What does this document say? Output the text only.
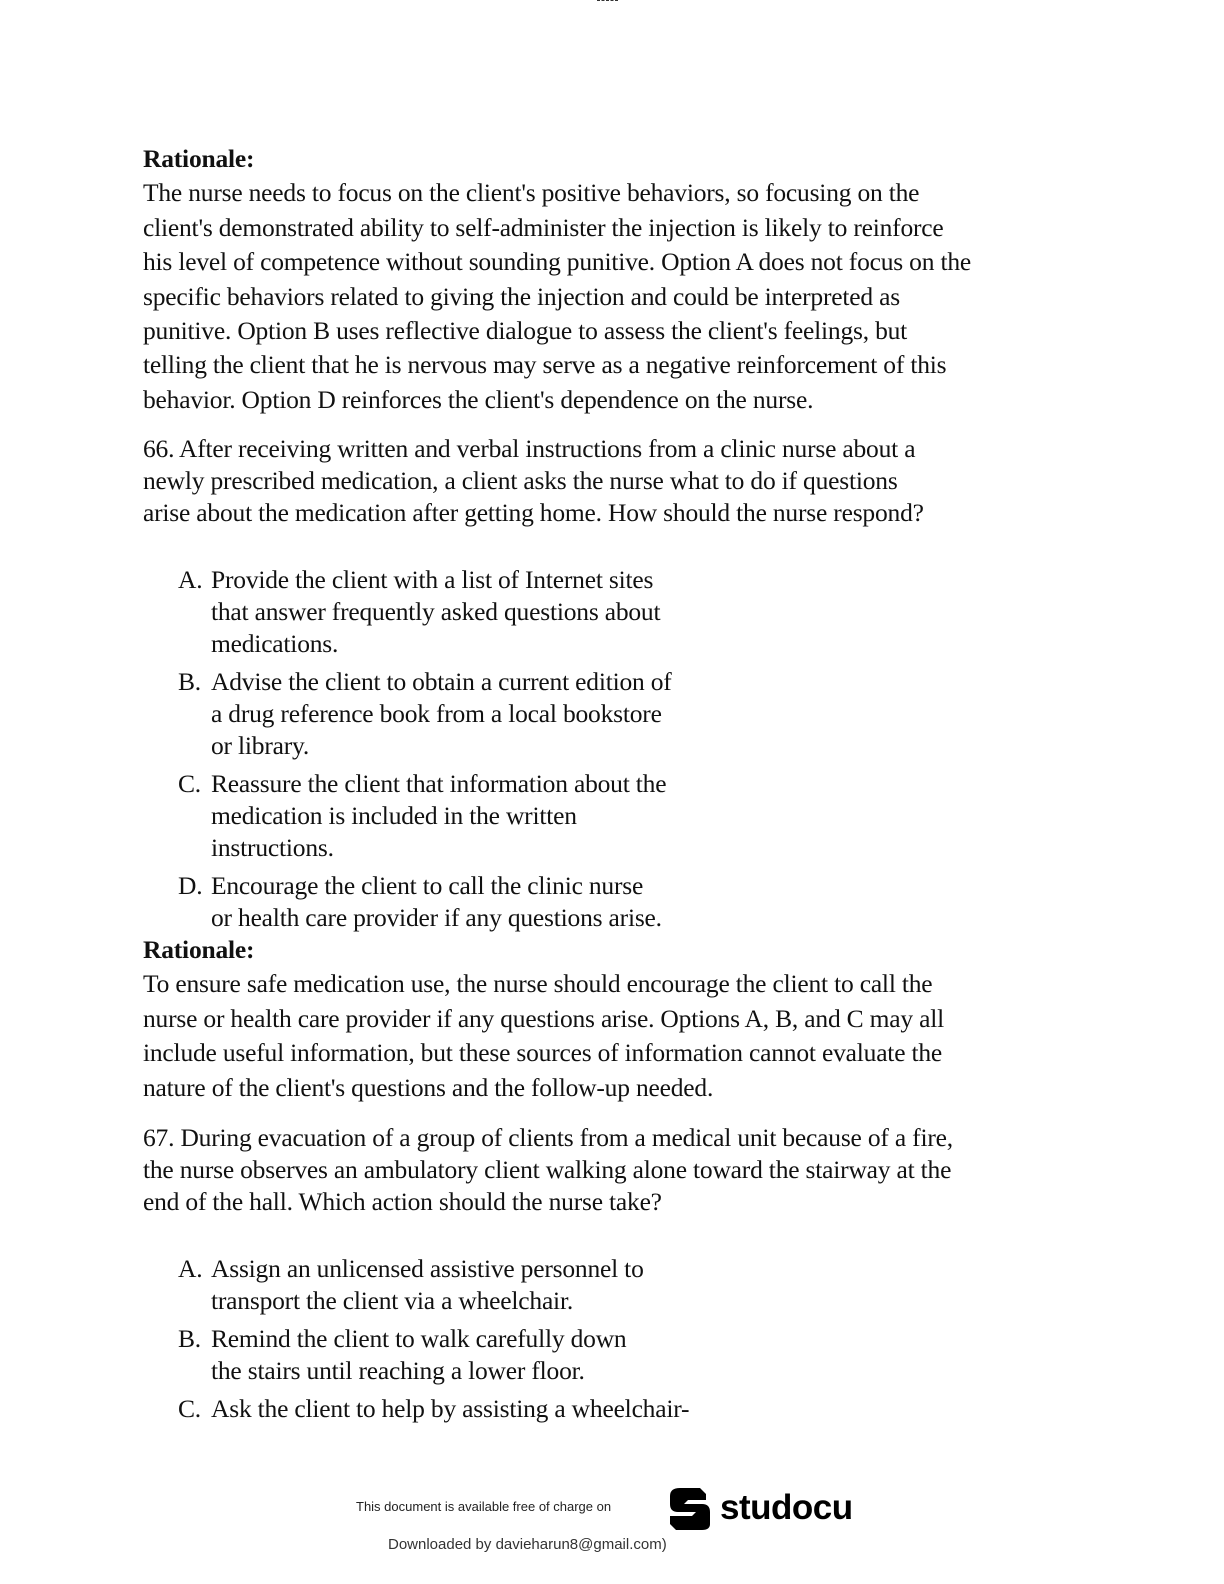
Rationale:

The nurse needs to focus on the client's positive behaviors, so focusing on the

client's demonstrated ability to self-administer the injection is likely to reinforce

his level of competence without sounding punitive. Option A does not focus on the

specific behaviors related to giving the injection and could be interpreted as

punitive. Option B uses reflective dialogue to assess the client's feelings, but

telling the client that he is nervous may serve as a negative reinforcement of this

behavior. Option D reinforces the client's dependence on the nurse.

66. After receiving written and verbal instructions from a clinic nurse about a

newly prescribed medication, a client asks the nurse what to do if questions

arise about the medication after getting home. How should the nurse respond?

A. Provide the client with a list of Internet sites
that answer frequently asked questions about
medications.
B. Advise the client to obtain a current edition of
a drug reference book from a local bookstore
or library.
C. Reassure the client that information about the
medication is included in the written
instructions.
D. Encourage the client to call the clinic nurse
or health care provider if any questions arise.

Rationale:

To ensure safe medication use, the nurse should encourage the client to call the

nurse or health care provider if any questions arise. Options A, B, and C may all

include useful information, but these sources of information cannot evaluate the

nature of the client's questions and the follow-up needed.

67. During evacuation of a group of clients from a medical unit because of a fire,

the nurse observes an ambulatory client walking alone toward the stairway at the

end of the hall. Which action should the nurse take?

A. Assign an unlicensed assistive personnel to
transport the client via a wheelchair.
B. Remind the client to walk carefully down
the stairs until reaching a lower floor.
C. Ask the client to help by assisting a wheelchair-
This document is available free of charge on	studocu
Downloaded by davieharun8@gmail.com)
